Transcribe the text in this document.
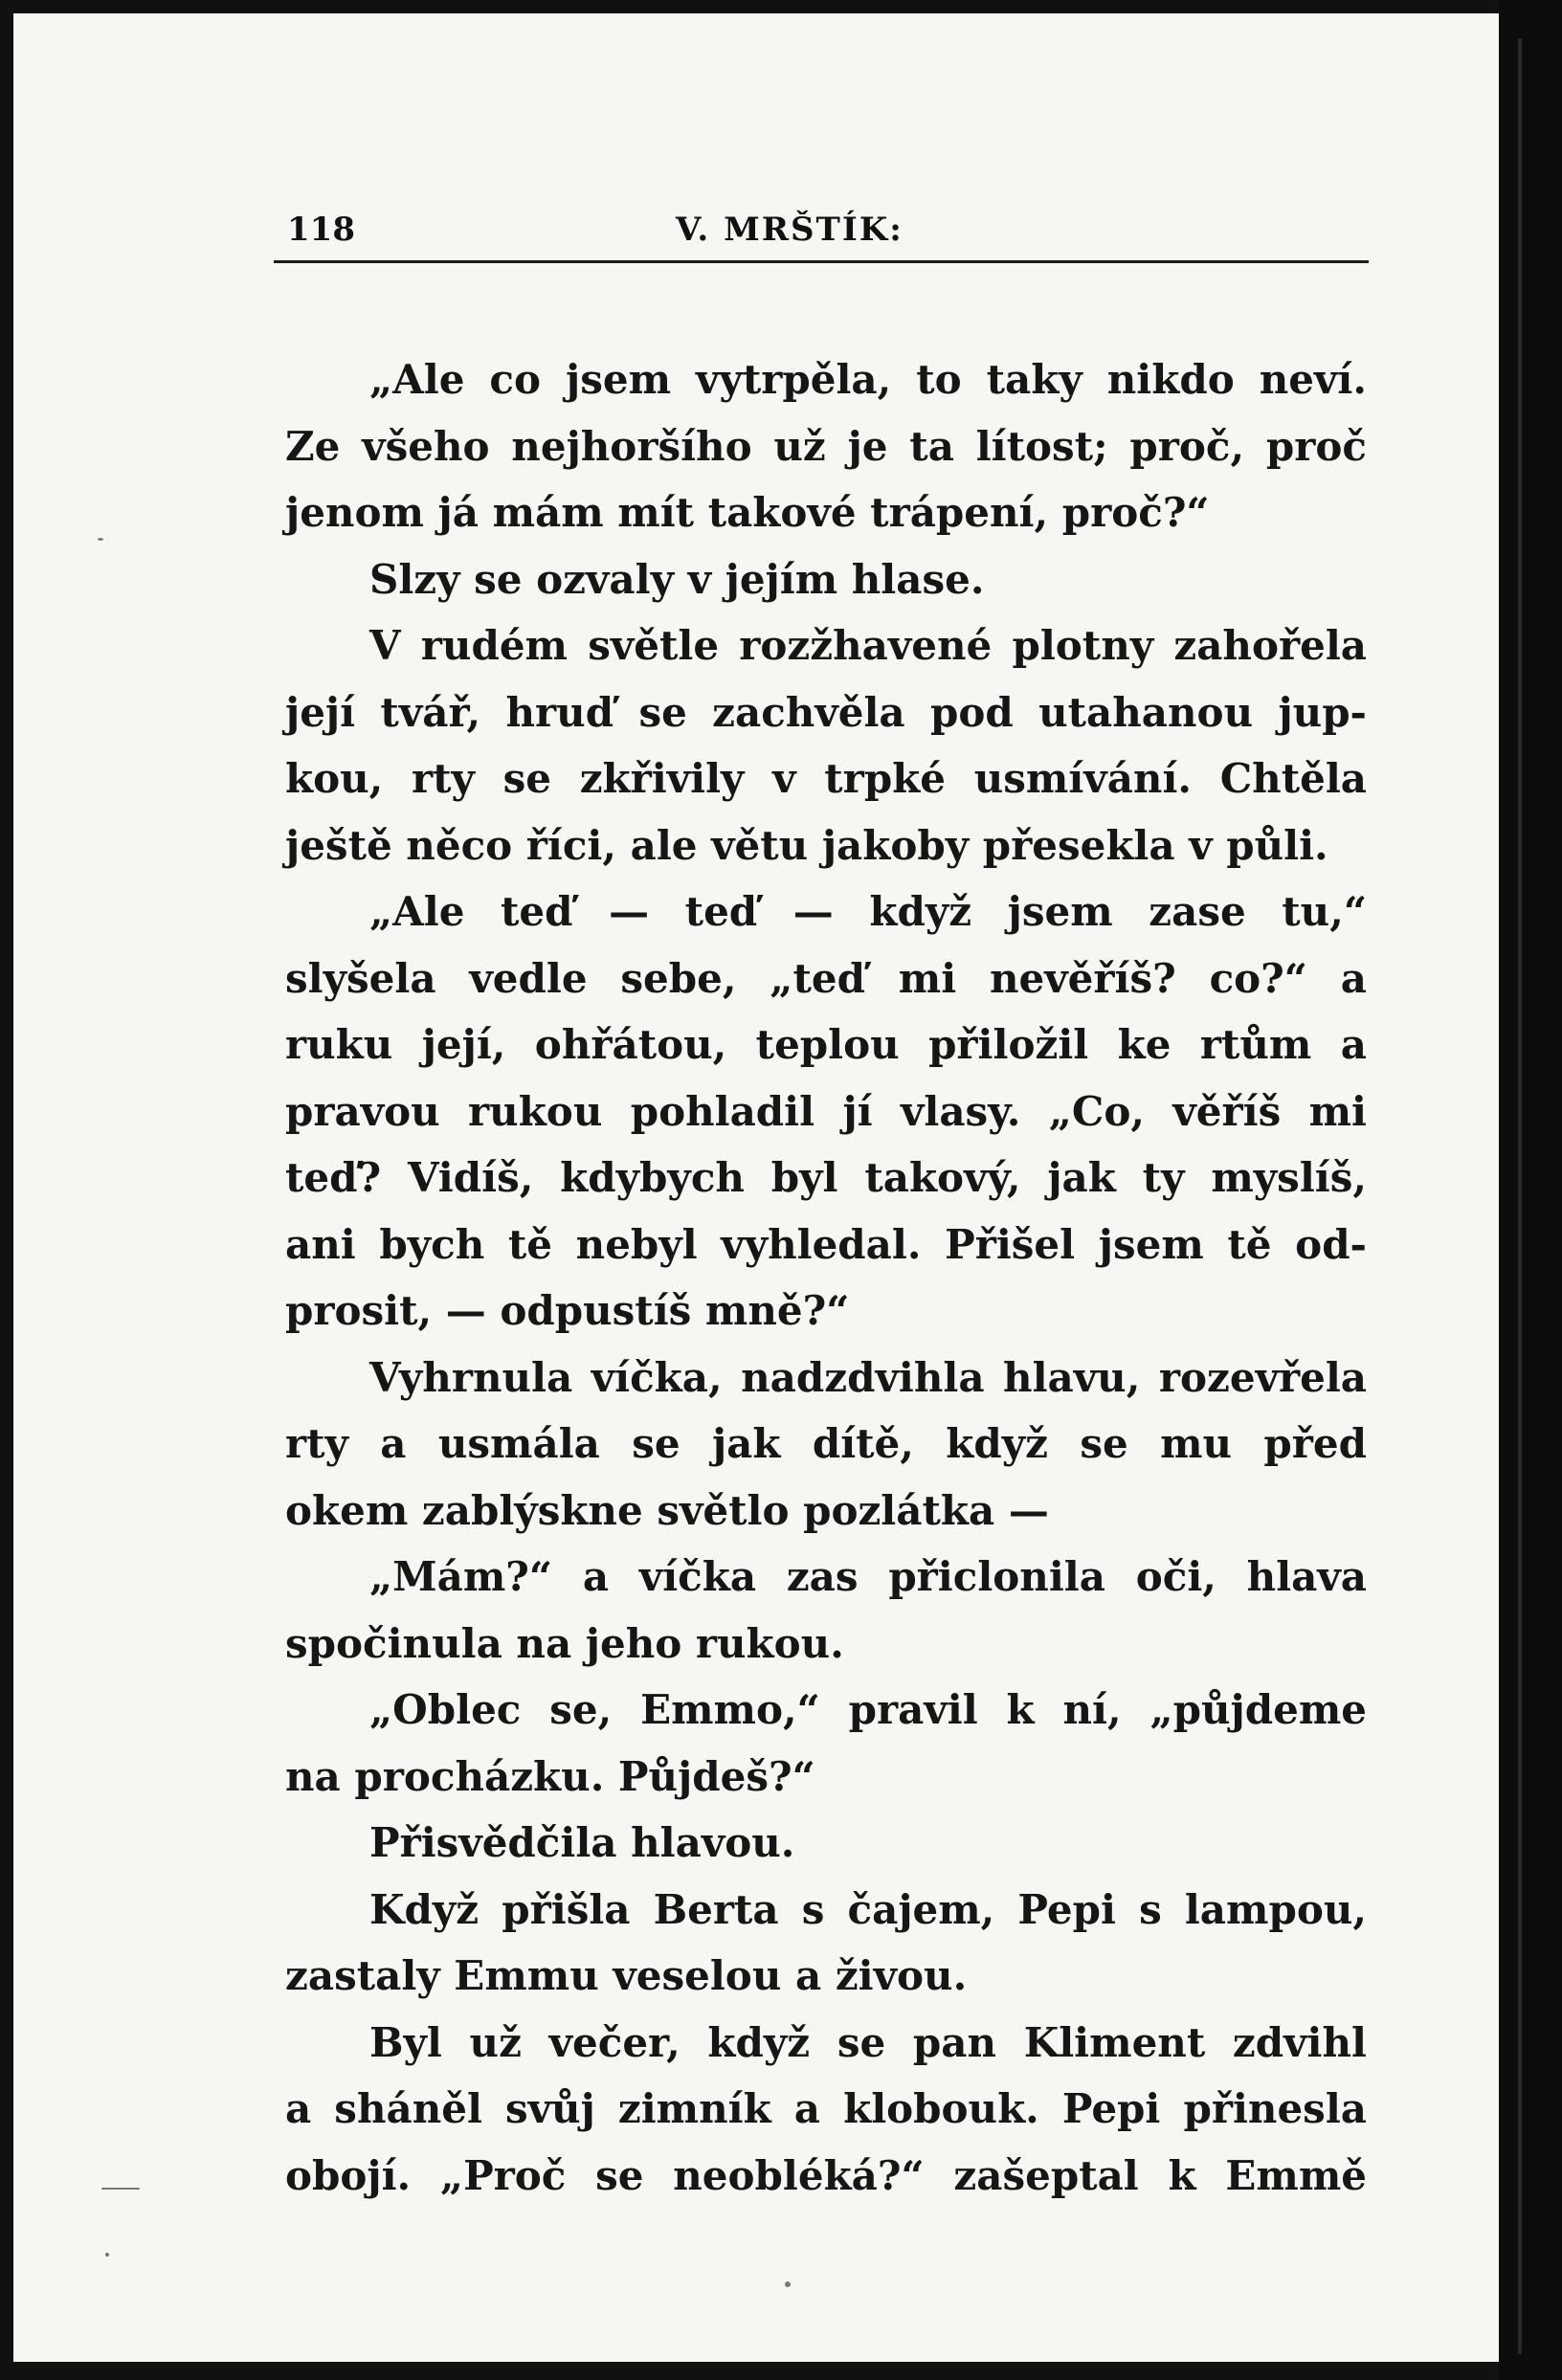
118	V. MRŠTÍK:
„Ale co jsem vytrpěla, to taky nikdo neví.
Ze všeho nejhoršího už je ta lítost; proč, proč
jenom já mám mít takové trápení, proč?“
Slzy se ozvaly v jejím hlase.
V rudém světle rozžhavené plotny zahořela
její tvář, hruď se zachvěla pod utahanou jup-
kou, rty se zkřivily v trpké usmívání. Chtěla
ještě něco říci, ale větu jakoby přesekla v půli.
„Ale teď — teď — když jsem zase tu,“
slyšela vedle sebe, „teď mi nevěříš? co?“ a
ruku její, ohřátou, teplou přiložil ke rtům a
pravou rukou pohladil jí vlasy. „Co, věříš mi
teď? Vidíš, kdybych byl takový, jak ty myslíš,
ani bych tě nebyl vyhledal. Přišel jsem tě od-
prosit, — odpustíš mně?“
Vyhrnula víčka, nadzdvihla hlavu, rozevřela
rty a usmála se jak dítě, když se mu před
okem zablýskne světlo pozlátka —
„Mám?“ a víčka zas přiclonila oči, hlava
spočinula na jeho rukou.
„Oblec se, Emmo,“ pravil k ní, „půjdeme
na procházku. Půjdeš?“
Přisvědčila hlavou.
Když přišla Berta s čajem, Pepi s lampou,
zastaly Emmu veselou a živou.
Byl už večer, když se pan Kliment zdvihl
a sháněl svůj zimník a klobouk. Pepi přinesla
obojí. „Proč se neobléká?“ zašeptal k Emmě
